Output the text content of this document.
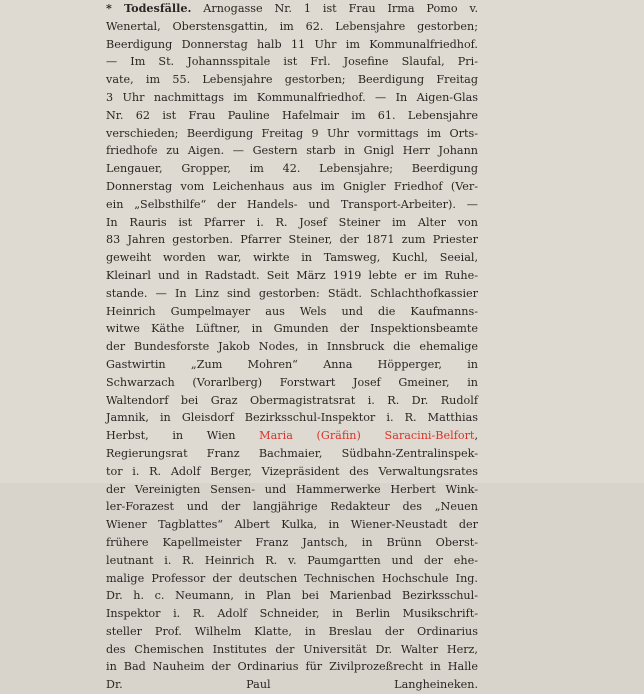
* Todesfälle. Arnogasse Nr. 1 ist Frau Irma Pomo v.
Wenertal, Oberstensgattin, im 62. Lebensjahre gestorben;
Beerdigung Donnerstag halb 11 Uhr im Kommunalfriedhof.
— Im St. Johannsspitale ist Frl. Josefine Slaufal, Pri-
vate, im 55. Lebensjahre gestorben; Beerdigung Freitag
3 Uhr nachmittags im Kommunalfriedhof. — In Aigen-Glas
Nr. 62 ist Frau Pauline Hafelmair im 61. Lebensjahre
verschieden; Beerdigung Freitag 9 Uhr vormittags im Orts-
friedhofe zu Aigen. — Gestern starb in Gnigl Herr Johann
Lengauer, Gropper, im 42. Lebensjahre; Beerdigung
Donnerstag vom Leichenhaus aus im Gnigler Friedhof (Ver-
ein „Selbsthilfe“ der Handels- und Transport-Arbeiter). —
In Rauris ist Pfarrer i. R. Josef Steiner im Alter von
83 Jahren gestorben. Pfarrer Steiner, der 1871 zum Priester
geweiht worden war, wirkte in Tamsweg, Kuchl, Seeial,
Kleinarl und in Radstadt. Seit März 1919 lebte er im Ruhe-
stande. — In Linz sind gestorben: Städt. Schlachthofkassier
Heinrich Gumpelmayer aus Wels und die Kaufmanns-
witwe Käthe Lüftner, in Gmunden der Inspektionsbeamte
der Bundesforste Jakob Nodes, in Innsbruck die ehemalige
Gastwirtin „Zum Mohren“ Anna Höpperger, in
Schwarzach (Vorarlberg) Forstwart Josef Gmeiner, in
Waltendorf bei Graz Obermagistratsrat i. R. Dr. Rudolf
Jamnik, in Gleisdorf Bezirksschul-Inspektor i. R. Matthias
Herbst, in Wien Maria (Gräfin) Saracini-Belfort,
Regierungsrat Franz Bachmaier, Südbahn-Zentralinspek-
tor i. R. Adolf Berger, Vizepräsident des Verwaltungsrates
der Vereinigten Sensen- und Hammerwerke Herbert Wink-
ler-Forazest und der langjährige Redakteur des „Neuen
Wiener Tagblattes“ Albert Kulka, in Wiener-Neustadt der
frühere Kapellmeister Franz Jantsch, in Brünn Oberst-
leutnant i. R. Heinrich R. v. Paumgartten und der ehe-
malige Professor der deutschen Technischen Hochschule Ing.
Dr. h. c. Neumann, in Plan bei Marienbad Bezirksschul-
Inspektor i. R. Adolf Schneider, in Berlin Musikschrift-
steller Prof. Wilhelm Klatte, in Breslau der Ordinarius
des Chemischen Institutes der Universität Dr. Walter Herz,
in Bad Nauheim der Ordinarius für Zivilprozeßrecht in Halle
Dr. Paul Langheineken.
